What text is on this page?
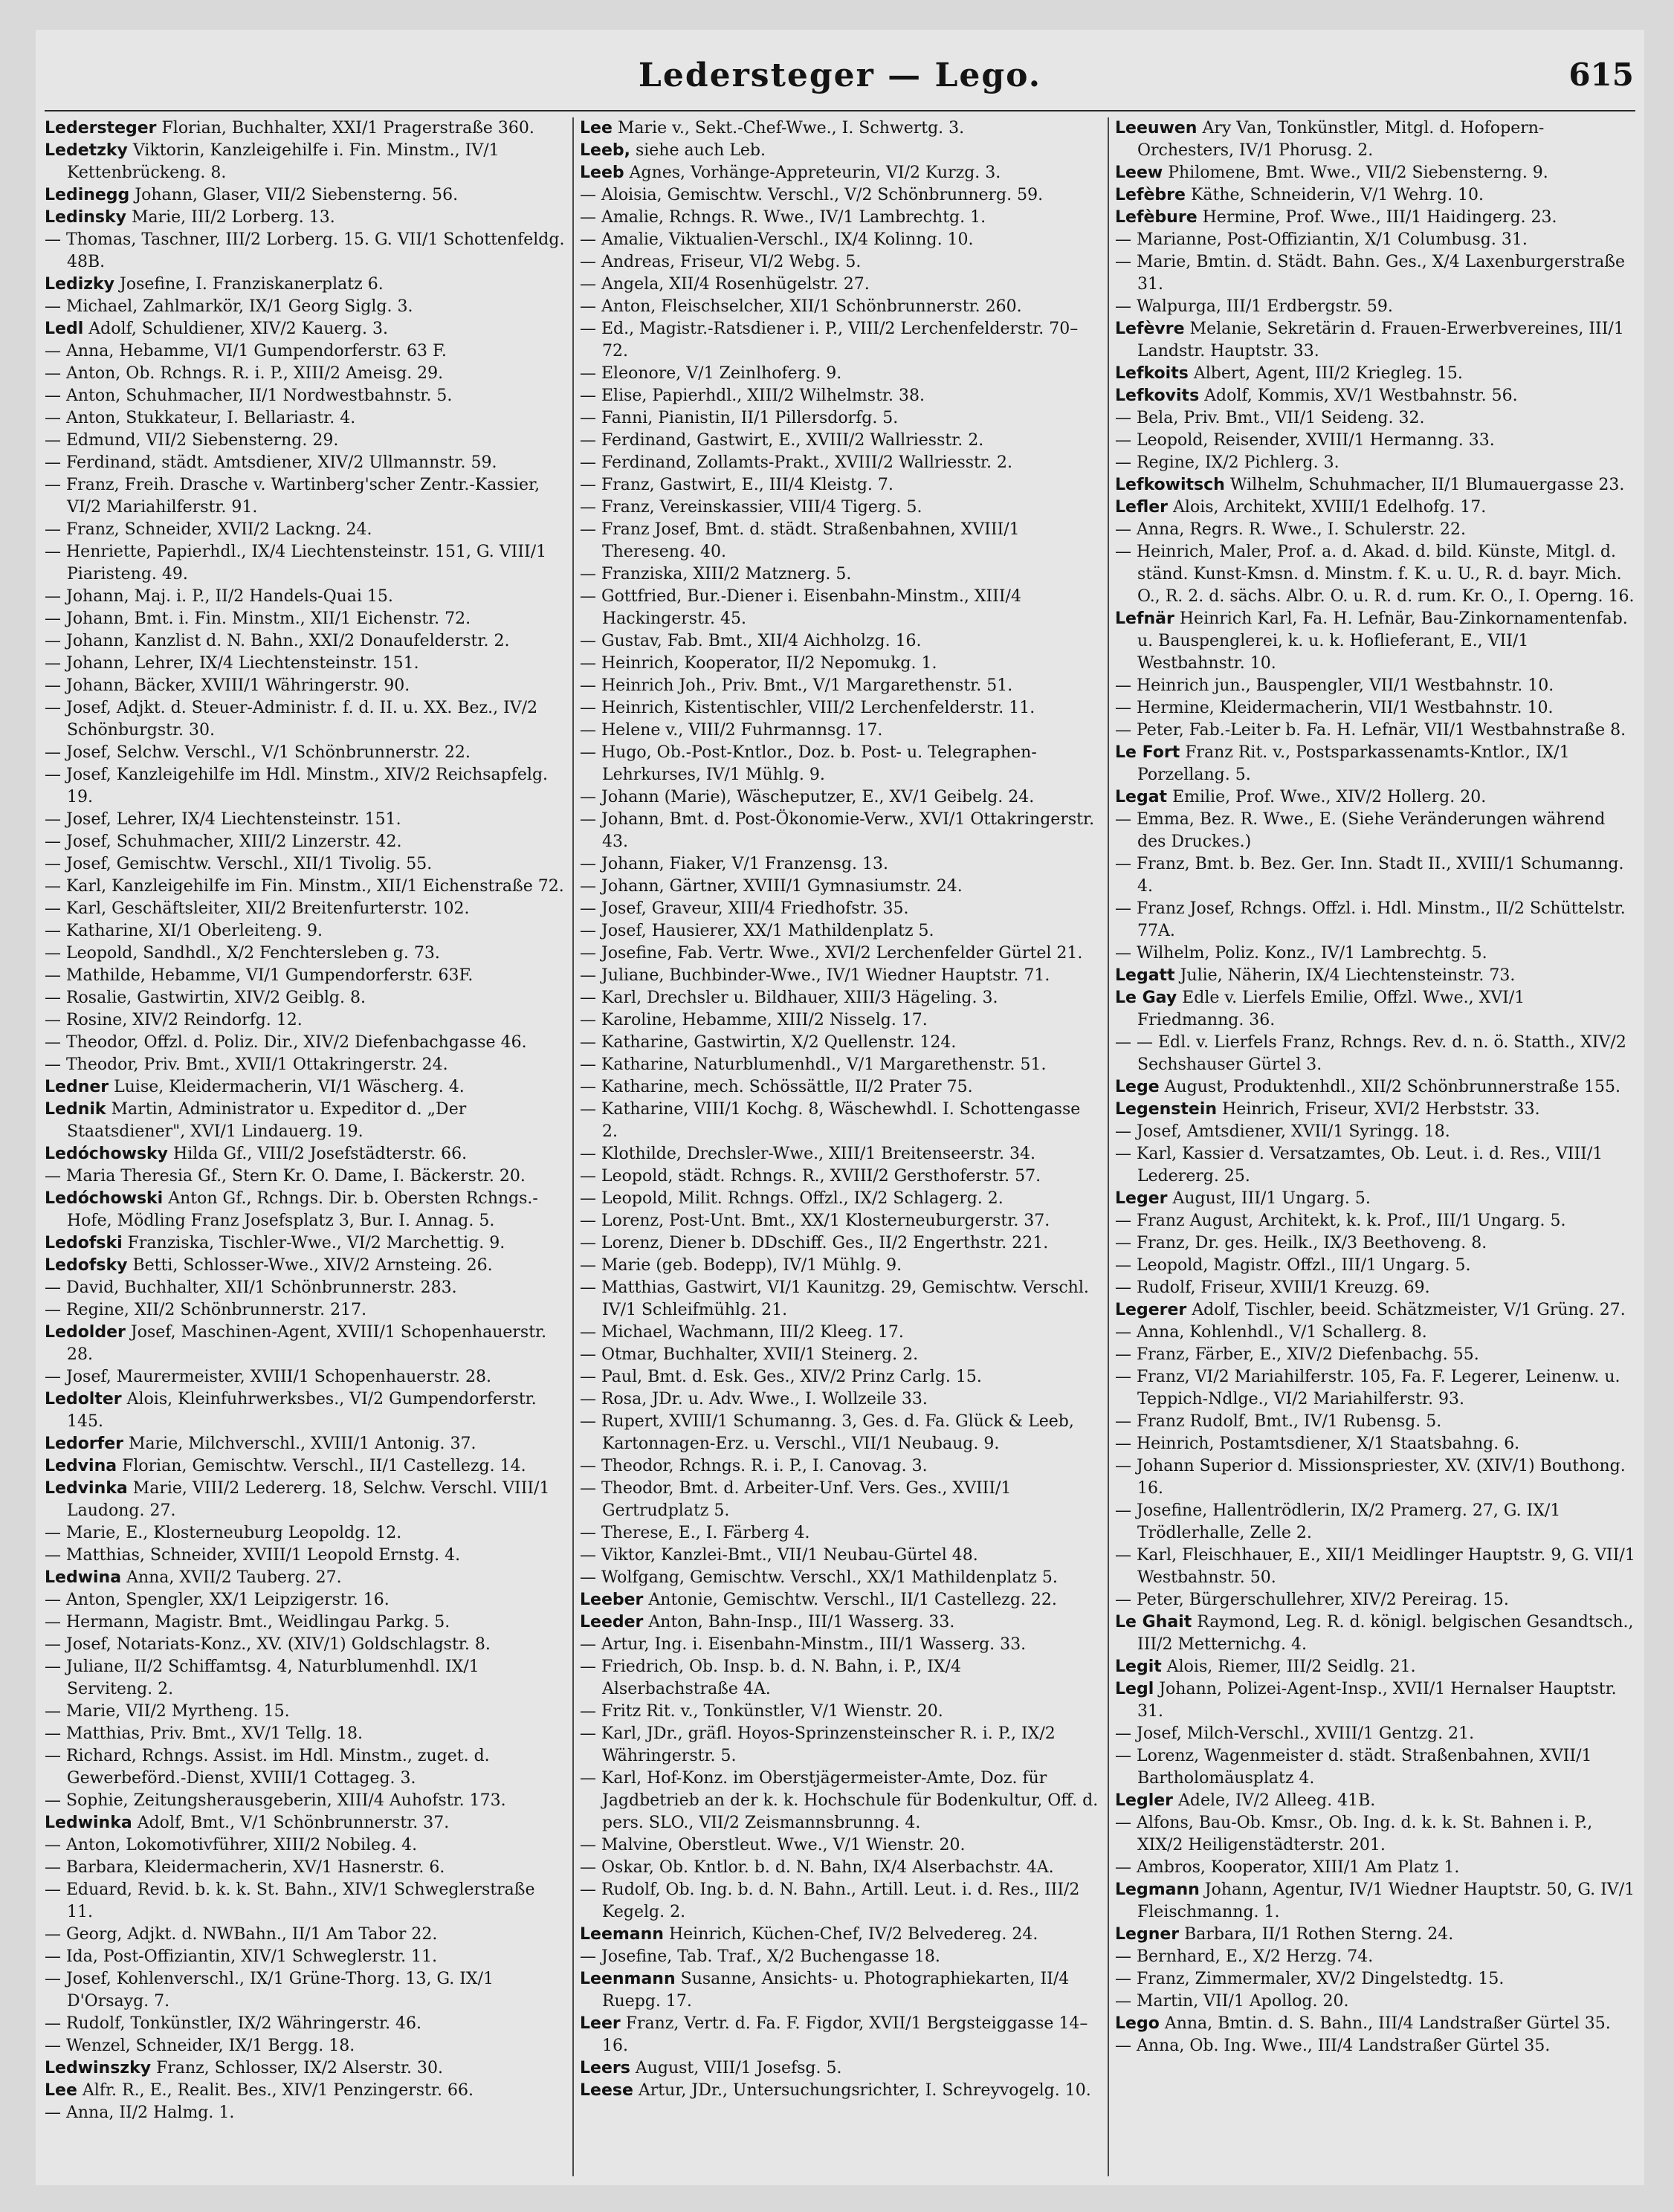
Ledersteger — Lego.	615

Ledersteger Florian, Buchhalter, XXI/1 Pragerstraße 360.

Ledetzky Viktorin, Kanzleigehilfe i. Fin. Minstm., IV/1 Kettenbrückeng. 8.

Ledinegg Johann, Glaser, VII/2 Siebensterng. 56.

Ledinsky Marie, III/2 Lorberg. 13.

— Thomas, Taschner, III/2 Lorberg. 15. G. VII/1 Schottenfeldg. 48B.

Ledizky Josefine, I. Franziskanerplatz 6.

— Michael, Zahlmarkör, IX/1 Georg Siglg. 3.

Ledl Adolf, Schuldiener, XIV/2 Kauerg. 3.

— Anna, Hebamme, VI/1 Gumpendorferstr. 63 F.

— Anton, Ob. Rchngs. R. i. P., XIII/2 Ameisg. 29.

— Anton, Schuhmacher, II/1 Nordwestbahnstr. 5.

— Anton, Stukkateur, I. Bellariastr. 4.

— Edmund, VII/2 Siebensterng. 29.

— Ferdinand, städt. Amtsdiener, XIV/2 Ullmannstr. 59.

— Franz, Freih. Drasche v. Wartinberg'scher Zentr.-Kassier, VI/2 Mariahilferstr. 91.

— Franz, Schneider, XVII/2 Lackng. 24.

— Henriette, Papierhdl., IX/4 Liechtensteinstr. 151, G. VIII/1 Piaristeng. 49.

— Johann, Maj. i. P., II/2 Handels-Quai 15.

— Johann, Bmt. i. Fin. Minstm., XII/1 Eichenstr. 72.

— Johann, Kanzlist d. N. Bahn., XXI/2 Donaufelderstr. 2.

— Johann, Lehrer, IX/4 Liechtensteinstr. 151.

— Johann, Bäcker, XVIII/1 Währingerstr. 90.

— Josef, Adjkt. d. Steuer-Administr. f. d. II. u. XX. Bez., IV/2 Schönburgstr. 30.

— Josef, Selchw. Verschl., V/1 Schönbrunnerstr. 22.

— Josef, Kanzleigehilfe im Hdl. Minstm., XIV/2 Reichsapfelg. 19.

— Josef, Lehrer, IX/4 Liechtensteinstr. 151.

— Josef, Schuhmacher, XIII/2 Linzerstr. 42.

— Josef, Gemischtw. Verschl., XII/1 Tivolig. 55.

— Karl, Kanzleigehilfe im Fin. Minstm., XII/1 Eichenstraße 72.

— Karl, Geschäftsleiter, XII/2 Breitenfurterstr. 102.

— Katharine, XI/1 Oberleiteng. 9.

— Leopold, Sandhdl., X/2 Fenchtersleben g. 73.

— Mathilde, Hebamme, VI/1 Gumpendorferstr. 63F.

— Rosalie, Gastwirtin, XIV/2 Geiblg. 8.

— Rosine, XIV/2 Reindorfg. 12.

— Theodor, Offzl. d. Poliz. Dir., XIV/2 Diefenbachgasse 46.

— Theodor, Priv. Bmt., XVII/1 Ottakringerstr. 24.

Ledner Luise, Kleidermacherin, VI/1 Wäscherg. 4.

Lednik Martin, Administrator u. Expeditor d. „Der Staatsdiener", XVI/1 Lindauerg. 19.

Ledóchowsky Hilda Gf., VIII/2 Josefstädterstr. 66.

— Maria Theresia Gf., Stern Kr. O. Dame, I. Bäckerstr. 20.

Ledóchowski Anton Gf., Rchngs. Dir. b. Obersten Rchngs.-Hofe, Mödling Franz Josefsplatz 3, Bur. I. Annag. 5.

Ledofski Franziska, Tischler-Wwe., VI/2 Marchettig. 9.

Ledofsky Betti, Schlosser-Wwe., XIV/2 Arnsteing. 26.

— David, Buchhalter, XII/1 Schönbrunnerstr. 283.

— Regine, XII/2 Schönbrunnerstr. 217.

Ledolder Josef, Maschinen-Agent, XVIII/1 Schopenhauerstr. 28.

— Josef, Maurermeister, XVIII/1 Schopenhauerstr. 28.

Ledolter Alois, Kleinfuhrwerksbes., VI/2 Gumpendorferstr. 145.

Ledorfer Marie, Milchverschl., XVIII/1 Antonig. 37.

Ledvina Florian, Gemischtw. Verschl., II/1 Castellezg. 14.

Ledvinka Marie, VIII/2 Ledererg. 18, Selchw. Verschl. VIII/1 Laudong. 27.

— Marie, E., Klosterneuburg Leopoldg. 12.

— Matthias, Schneider, XVIII/1 Leopold Ernstg. 4.

Ledwina Anna, XVII/2 Tauberg. 27.

— Anton, Spengler, XX/1 Leipzigerstr. 16.

— Hermann, Magistr. Bmt., Weidlingau Parkg. 5.

— Josef, Notariats-Konz., XV. (XIV/1) Goldschlagstr. 8.

— Juliane, II/2 Schiffamtsg. 4, Naturblumenhdl. IX/1 Serviteng. 2.

— Marie, VII/2 Myrtheng. 15.

— Matthias, Priv. Bmt., XV/1 Tellg. 18.

— Richard, Rchngs. Assist. im Hdl. Minstm., zuget. d. Gewerbeförd.-Dienst, XVIII/1 Cottageg. 3.

— Sophie, Zeitungsherausgeberin, XIII/4 Auhofstr. 173.

Ledwinka Adolf, Bmt., V/1 Schönbrunnerstr. 37.

— Anton, Lokomotivführer, XIII/2 Nobileg. 4.

— Barbara, Kleidermacherin, XV/1 Hasnerstr. 6.

— Eduard, Revid. b. k. k. St. Bahn., XIV/1 Schweglerstraße 11.

— Georg, Adjkt. d. NWBahn., II/1 Am Tabor 22.

— Ida, Post-Offiziantin, XIV/1 Schweglerstr. 11.

— Josef, Kohlenverschl., IX/1 Grüne-Thorg. 13, G. IX/1 D'Orsayg. 7.

— Rudolf, Tonkünstler, IX/2 Währingerstr. 46.

— Wenzel, Schneider, IX/1 Bergg. 18.

Ledwinszky Franz, Schlosser, IX/2 Alserstr. 30.

Lee Alfr. R., E., Realit. Bes., XIV/1 Penzingerstr. 66.

— Anna, II/2 Halmg. 1.

Lee Marie v., Sekt.-Chef-Wwe., I. Schwertg. 3.

Leeb, siehe auch Leb.

Leeb Agnes, Vorhänge-Appreteurin, VI/2 Kurzg. 3.

— Aloisia, Gemischtw. Verschl., V/2 Schönbrunnerg. 59.

— Amalie, Rchngs. R. Wwe., IV/1 Lambrechtg. 1.

— Amalie, Viktualien-Verschl., IX/4 Kolinng. 10.

— Andreas, Friseur, VI/2 Webg. 5.

— Angela, XII/4 Rosenhügelstr. 27.

— Anton, Fleischselcher, XII/1 Schönbrunnerstr. 260.

— Ed., Magistr.-Ratsdiener i. P., VIII/2 Lerchenfelderstr. 70–72.

— Eleonore, V/1 Zeinlhoferg. 9.

— Elise, Papierhdl., XIII/2 Wilhelmstr. 38.

— Fanni, Pianistin, II/1 Pillersdorfg. 5.

— Ferdinand, Gastwirt, E., XVIII/2 Wallriesstr. 2.

— Ferdinand, Zollamts-Prakt., XVIII/2 Wallriesstr. 2.

— Franz, Gastwirt, E., III/4 Kleistg. 7.

— Franz, Vereinskassier, VIII/4 Tigerg. 5.

— Franz Josef, Bmt. d. städt. Straßenbahnen, XVIII/1 Thereseng. 40.

— Franziska, XIII/2 Matznerg. 5.

— Gottfried, Bur.-Diener i. Eisenbahn-Minstm., XIII/4 Hackingerstr. 45.

— Gustav, Fab. Bmt., XII/4 Aichholzg. 16.

— Heinrich, Kooperator, II/2 Nepomukg. 1.

— Heinrich Joh., Priv. Bmt., V/1 Margarethenstr. 51.

— Heinrich, Kistentischler, VIII/2 Lerchenfelderstr. 11.

— Helene v., VIII/2 Fuhrmannsg. 17.

— Hugo, Ob.-Post-Kntlor., Doz. b. Post- u. Telegraphen-Lehrkurses, IV/1 Mühlg. 9.

— Johann (Marie), Wäscheputzer, E., XV/1 Geibelg. 24.

— Johann, Bmt. d. Post-Ökonomie-Verw., XVI/1 Ottakringerstr. 43.

— Johann, Fiaker, V/1 Franzensg. 13.

— Johann, Gärtner, XVIII/1 Gymnasiumstr. 24.

— Josef, Graveur, XIII/4 Friedhofstr. 35.

— Josef, Hausierer, XX/1 Mathildenplatz 5.

— Josefine, Fab. Vertr. Wwe., XVI/2 Lerchenfelder Gürtel 21.

— Juliane, Buchbinder-Wwe., IV/1 Wiedner Hauptstr. 71.

— Karl, Drechsler u. Bildhauer, XIII/3 Hägeling. 3.

— Karoline, Hebamme, XIII/2 Nisselg. 17.

— Katharine, Gastwirtin, X/2 Quellenstr. 124.

— Katharine, Naturblumenhdl., V/1 Margarethenstr. 51.

— Katharine, mech. Schössättle, II/2 Prater 75.

— Katharine, VIII/1 Kochg. 8, Wäschewhdl. I. Schottengasse 2.

— Klothilde, Drechsler-Wwe., XIII/1 Breitenseerstr. 34.

— Leopold, städt. Rchngs. R., XVIII/2 Gersthoferstr. 57.

— Leopold, Milit. Rchngs. Offzl., IX/2 Schlagerg. 2.

— Lorenz, Post-Unt. Bmt., XX/1 Klosterneuburgerstr. 37.

— Lorenz, Diener b. DDschiff. Ges., II/2 Engerthstr. 221.

— Marie (geb. Bodepp), IV/1 Mühlg. 9.

— Matthias, Gastwirt, VI/1 Kaunitzg. 29, Gemischtw. Verschl. IV/1 Schleifmühlg. 21.

— Michael, Wachmann, III/2 Kleeg. 17.

— Otmar, Buchhalter, XVII/1 Steinerg. 2.

— Paul, Bmt. d. Esk. Ges., XIV/2 Prinz Carlg. 15.

— Rosa, JDr. u. Adv. Wwe., I. Wollzeile 33.

— Rupert, XVIII/1 Schumanng. 3, Ges. d. Fa. Glück & Leeb, Kartonnagen-Erz. u. Verschl., VII/1 Neubaug. 9.

— Theodor, Rchngs. R. i. P., I. Canovag. 3.

— Theodor, Bmt. d. Arbeiter-Unf. Vers. Ges., XVIII/1 Gertrudplatz 5.

— Therese, E., I. Färberg 4.

— Viktor, Kanzlei-Bmt., VII/1 Neubau-Gürtel 48.

— Wolfgang, Gemischtw. Verschl., XX/1 Mathildenplatz 5.

Leeber Antonie, Gemischtw. Verschl., II/1 Castellezg. 22.

Leeder Anton, Bahn-Insp., III/1 Wasserg. 33.

— Artur, Ing. i. Eisenbahn-Minstm., III/1 Wasserg. 33.

— Friedrich, Ob. Insp. b. d. N. Bahn, i. P., IX/4 Alserbachstraße 4A.

— Fritz Rit. v., Tonkünstler, V/1 Wienstr. 20.

— Karl, JDr., gräfl. Hoyos-Sprinzensteinscher R. i. P., IX/2 Währingerstr. 5.

— Karl, Hof-Konz. im Oberstjägermeister-Amte, Doz. für Jagdbetrieb an der k. k. Hochschule für Bodenkultur, Off. d. pers. SLO., VII/2 Zeismannsbrunng. 4.

— Malvine, Oberstleut. Wwe., V/1 Wienstr. 20.

— Oskar, Ob. Kntlor. b. d. N. Bahn, IX/4 Alserbachstr. 4A.

— Rudolf, Ob. Ing. b. d. N. Bahn., Artill. Leut. i. d. Res., III/2 Kegelg. 2.

Leemann Heinrich, Küchen-Chef, IV/2 Belvedereg. 24.

— Josefine, Tab. Traf., X/2 Buchengasse 18.

Leenmann Susanne, Ansichts- u. Photographiekarten, II/4 Ruepg. 17.

Leer Franz, Vertr. d. Fa. F. Figdor, XVII/1 Bergsteiggasse 14–16.

Leers August, VIII/1 Josefsg. 5.

Leese Artur, JDr., Untersuchungsrichter, I. Schreyvogelg. 10.

Leeuwen Ary Van, Tonkünstler, Mitgl. d. Hofopern-Orchesters, IV/1 Phorusg. 2.

Leew Philomene, Bmt. Wwe., VII/2 Siebensterng. 9.

Lefèbre Käthe, Schneiderin, V/1 Wehrg. 10.

Lefèbure Hermine, Prof. Wwe., III/1 Haidingerg. 23.

— Marianne, Post-Offiziantin, X/1 Columbusg. 31.

— Marie, Bmtin. d. Städt. Bahn. Ges., X/4 Laxenburgerstraße 31.

— Walpurga, III/1 Erdbergstr. 59.

Lefèvre Melanie, Sekretärin d. Frauen-Erwerbvereines, III/1 Landstr. Hauptstr. 33.

Lefkoits Albert, Agent, III/2 Kriegleg. 15.

Lefkovits Adolf, Kommis, XV/1 Westbahnstr. 56.

— Bela, Priv. Bmt., VII/1 Seideng. 32.

— Leopold, Reisender, XVIII/1 Hermanng. 33.

— Regine, IX/2 Pichlerg. 3.

Lefkowitsch Wilhelm, Schuhmacher, II/1 Blumauergasse 23.

Lefler Alois, Architekt, XVIII/1 Edelhofg. 17.

— Anna, Regrs. R. Wwe., I. Schulerstr. 22.

— Heinrich, Maler, Prof. a. d. Akad. d. bild. Künste, Mitgl. d. ständ. Kunst-Kmsn. d. Minstm. f. K. u. U., R. d. bayr. Mich. O., R. 2. d. sächs. Albr. O. u. R. d. rum. Kr. O., I. Operng. 16.

Lefnär Heinrich Karl, Fa. H. Lefnär, Bau-Zinkornamentenfab. u. Bauspenglerei, k. u. k. Hoflieferant, E., VII/1 Westbahnstr. 10.

— Heinrich jun., Bauspengler, VII/1 Westbahnstr. 10.

— Hermine, Kleidermacherin, VII/1 Westbahnstr. 10.

— Peter, Fab.-Leiter b. Fa. H. Lefnär, VII/1 Westbahnstraße 8.

Le Fort Franz Rit. v., Postsparkassenamts-Kntlor., IX/1 Porzellang. 5.

Legat Emilie, Prof. Wwe., XIV/2 Hollerg. 20.

— Emma, Bez. R. Wwe., E. (Siehe Veränderungen während des Druckes.)

— Franz, Bmt. b. Bez. Ger. Inn. Stadt II., XVIII/1 Schumanng. 4.

— Franz Josef, Rchngs. Offzl. i. Hdl. Minstm., II/2 Schüttelstr. 77A.

— Wilhelm, Poliz. Konz., IV/1 Lambrechtg. 5.

Legatt Julie, Näherin, IX/4 Liechtensteinstr. 73.

Le Gay Edle v. Lierfels Emilie, Offzl. Wwe., XVI/1 Friedmanng. 36.

— — Edl. v. Lierfels Franz, Rchngs. Rev. d. n. ö. Statth., XIV/2 Sechshauser Gürtel 3.

Lege August, Produktenhdl., XII/2 Schönbrunnerstraße 155.

Legenstein Heinrich, Friseur, XVI/2 Herbststr. 33.

— Josef, Amtsdiener, XVII/1 Syringg. 18.

— Karl, Kassier d. Versatzamtes, Ob. Leut. i. d. Res., VIII/1 Ledererg. 25.

Leger August, III/1 Ungarg. 5.

— Franz August, Architekt, k. k. Prof., III/1 Ungarg. 5.

— Franz, Dr. ges. Heilk., IX/3 Beethoveng. 8.

— Leopold, Magistr. Offzl., III/1 Ungarg. 5.

— Rudolf, Friseur, XVIII/1 Kreuzg. 69.

Legerer Adolf, Tischler, beeid. Schätzmeister, V/1 Grüng. 27.

— Anna, Kohlenhdl., V/1 Schallerg. 8.

— Franz, Färber, E., XIV/2 Diefenbachg. 55.

— Franz, VI/2 Mariahilferstr. 105, Fa. F. Legerer, Leinenw. u. Teppich-Ndlge., VI/2 Mariahilferstr. 93.

— Franz Rudolf, Bmt., IV/1 Rubensg. 5.

— Heinrich, Postamtsdiener, X/1 Staatsbahng. 6.

— Johann Superior d. Missionspriester, XV. (XIV/1) Bouthong. 16.

— Josefine, Hallentrödlerin, IX/2 Pramerg. 27, G. IX/1 Trödlerhalle, Zelle 2.

— Karl, Fleischhauer, E., XII/1 Meidlinger Hauptstr. 9, G. VII/1 Westbahnstr. 50.

— Peter, Bürgerschullehrer, XIV/2 Pereirag. 15.

Le Ghait Raymond, Leg. R. d. königl. belgischen Gesandtsch., III/2 Metternichg. 4.

Legit Alois, Riemer, III/2 Seidlg. 21.

Legl Johann, Polizei-Agent-Insp., XVII/1 Hernalser Hauptstr. 31.

— Josef, Milch-Verschl., XVIII/1 Gentzg. 21.

— Lorenz, Wagenmeister d. städt. Straßenbahnen, XVII/1 Bartholomäusplatz 4.

Legler Adele, IV/2 Alleeg. 41B.

— Alfons, Bau-Ob. Kmsr., Ob. Ing. d. k. k. St. Bahnen i. P., XIX/2 Heiligenstädterstr. 201.

— Ambros, Kooperator, XIII/1 Am Platz 1.

Legmann Johann, Agentur, IV/1 Wiedner Hauptstr. 50, G. IV/1 Fleischmanng. 1.

Legner Barbara, II/1 Rothen Sterng. 24.

— Bernhard, E., X/2 Herzg. 74.

— Franz, Zimmermaler, XV/2 Dingelstedtg. 15.

— Martin, VII/1 Apollog. 20.

Lego Anna, Bmtin. d. S. Bahn., III/4 Landstraßer Gürtel 35.

— Anna, Ob. Ing. Wwe., III/4 Landstraßer Gürtel 35.
